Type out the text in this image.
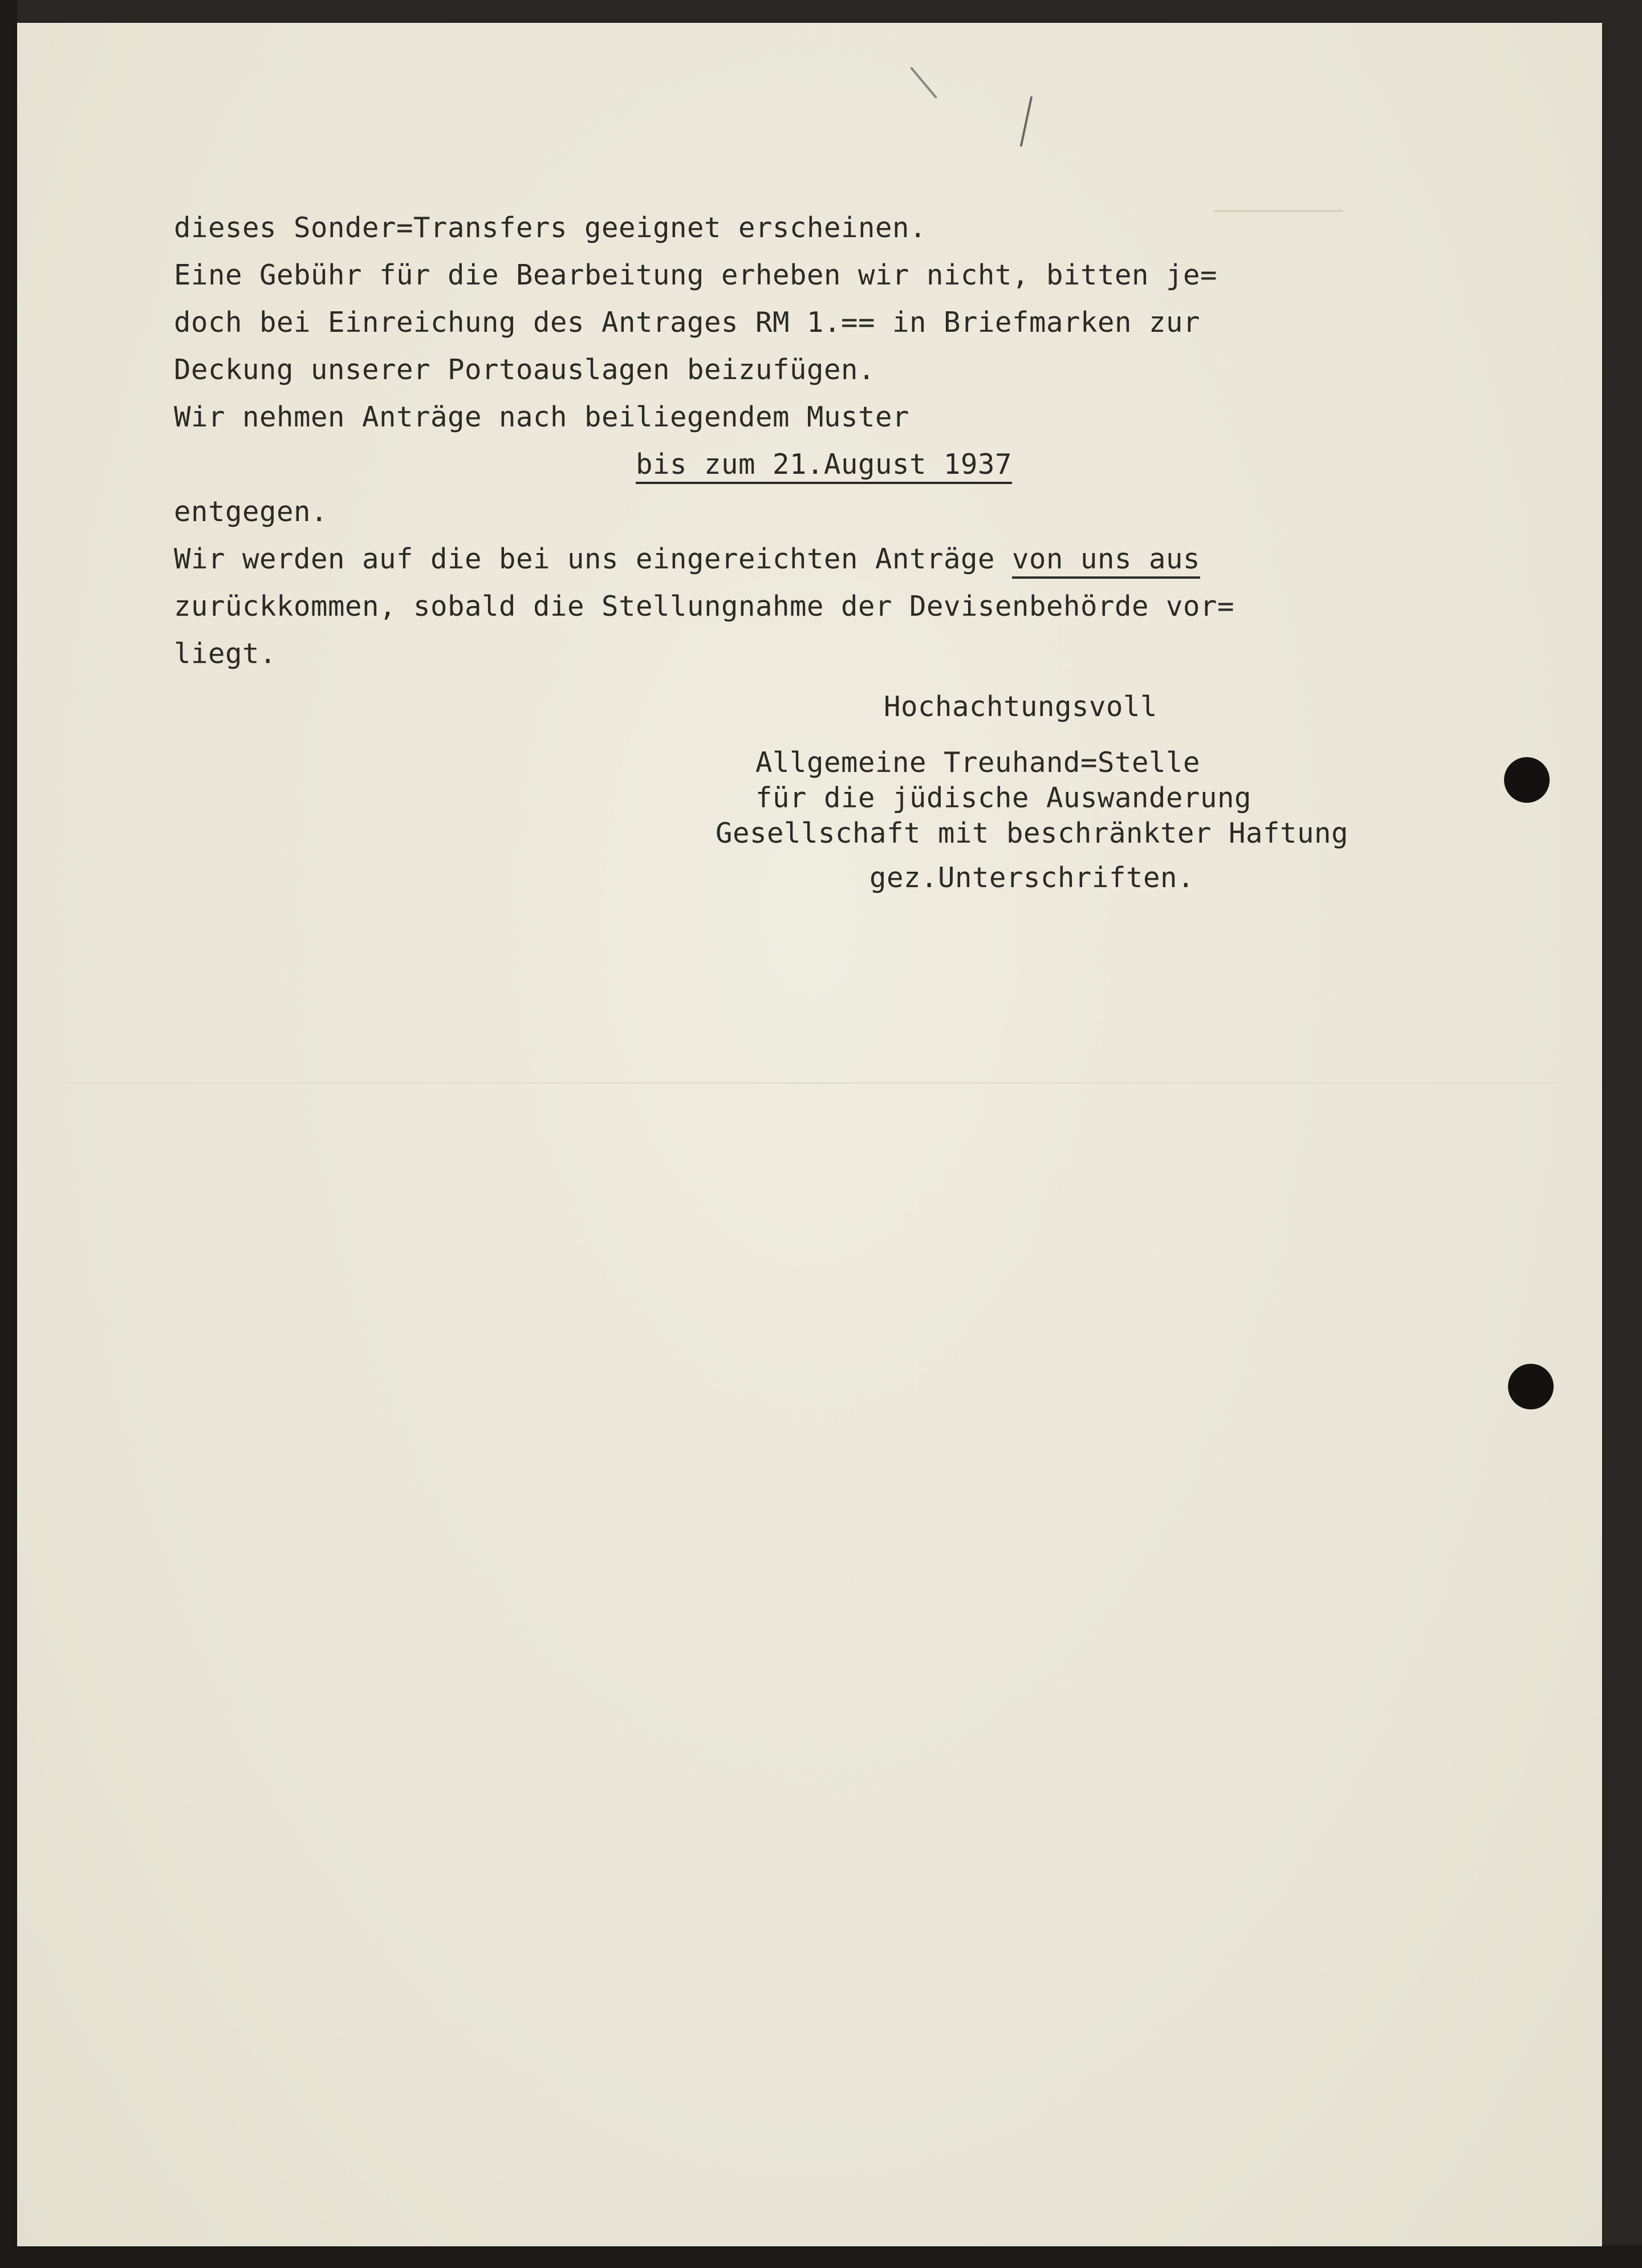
────────
dieses Sonder=Transfers geeignet erscheinen.
Eine Gebühr für die Bearbeitung erheben wir nicht, bitten je=
doch bei Einreichung des Antrages RM 1.== in Briefmarken zur
Deckung unserer Portoauslagen beizufügen.
Wir nehmen Anträge nach beiliegendem Muster
bis zum 21.August 1937
entgegen.
Wir werden auf die bei uns eingereichten Anträge von uns aus
zurückkommen, sobald die Stellungnahme der Devisenbehörde vor=
liegt.
Hochachtungsvoll
Allgemeine Treuhand=Stelle
für die jüdische Auswanderung
Gesellschaft mit beschränkter Haftung
gez.Unterschriften.
